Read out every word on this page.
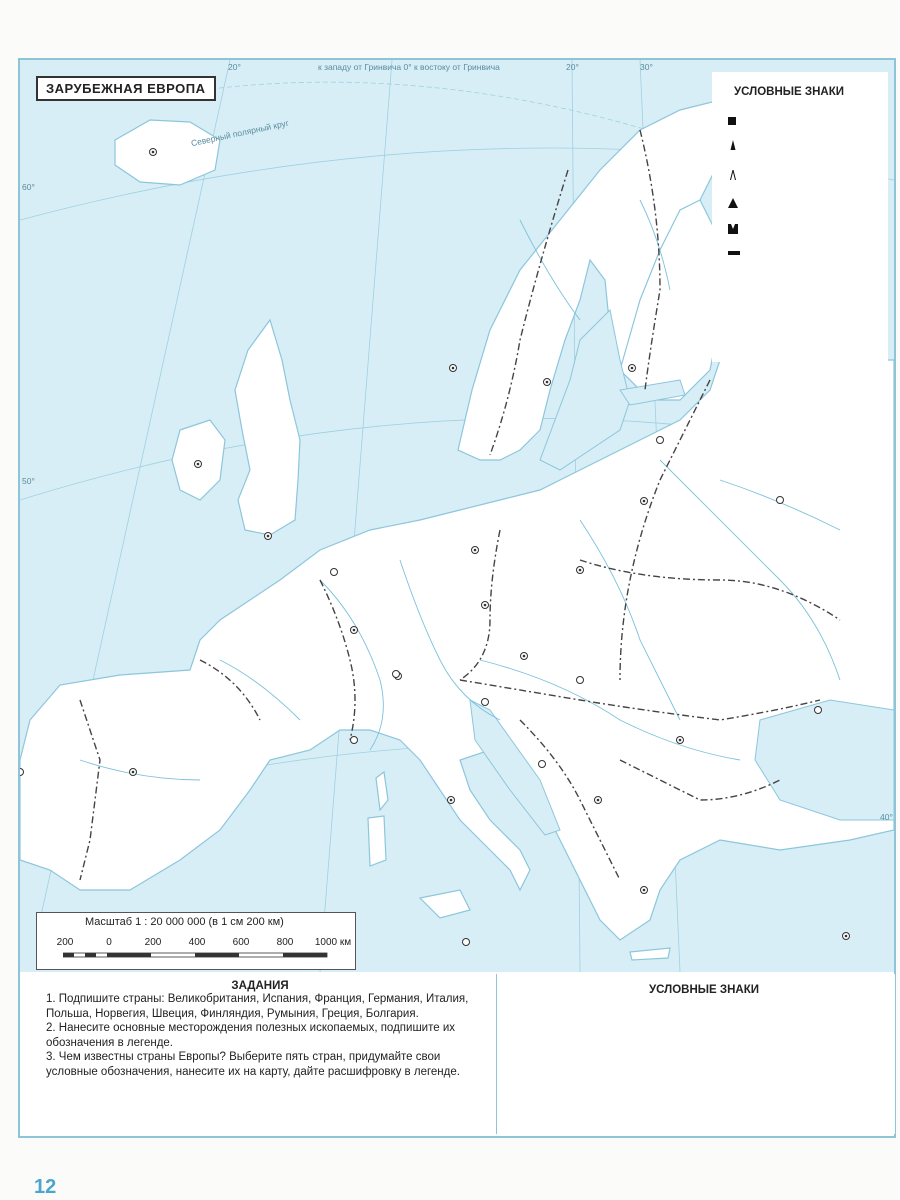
20°	к западу от Гринвича 0° к востоку от Гринвича	20°	30°
60°
50°
40°
Северный полярный круг
ЗАРУБЕЖНАЯ ЕВРОПА	УСЛОВНЫЕ ЗНАКИ
Масштаб 1 : 20 000 000 (в 1 см 200 км)
200	0	200	400	600	800 1000 км
ЗАДАНИЯ
1. Подпишите страны: Великобритания, Испания, Франция, Германия, Италия, Польша, Норвегия, Швеция, Финляндия, Румыния, Греция, Болгария.
2. Нанесите основные месторождения полезных ископаемых, подпишите их обозначения в легенде.
3. Чем известны страны Европы? Выберите пять стран, придумайте свои условные обозначения, нанесите их на карту, дайте расшифровку в легенде.
УСЛОВНЫЕ ЗНАКИ
12
